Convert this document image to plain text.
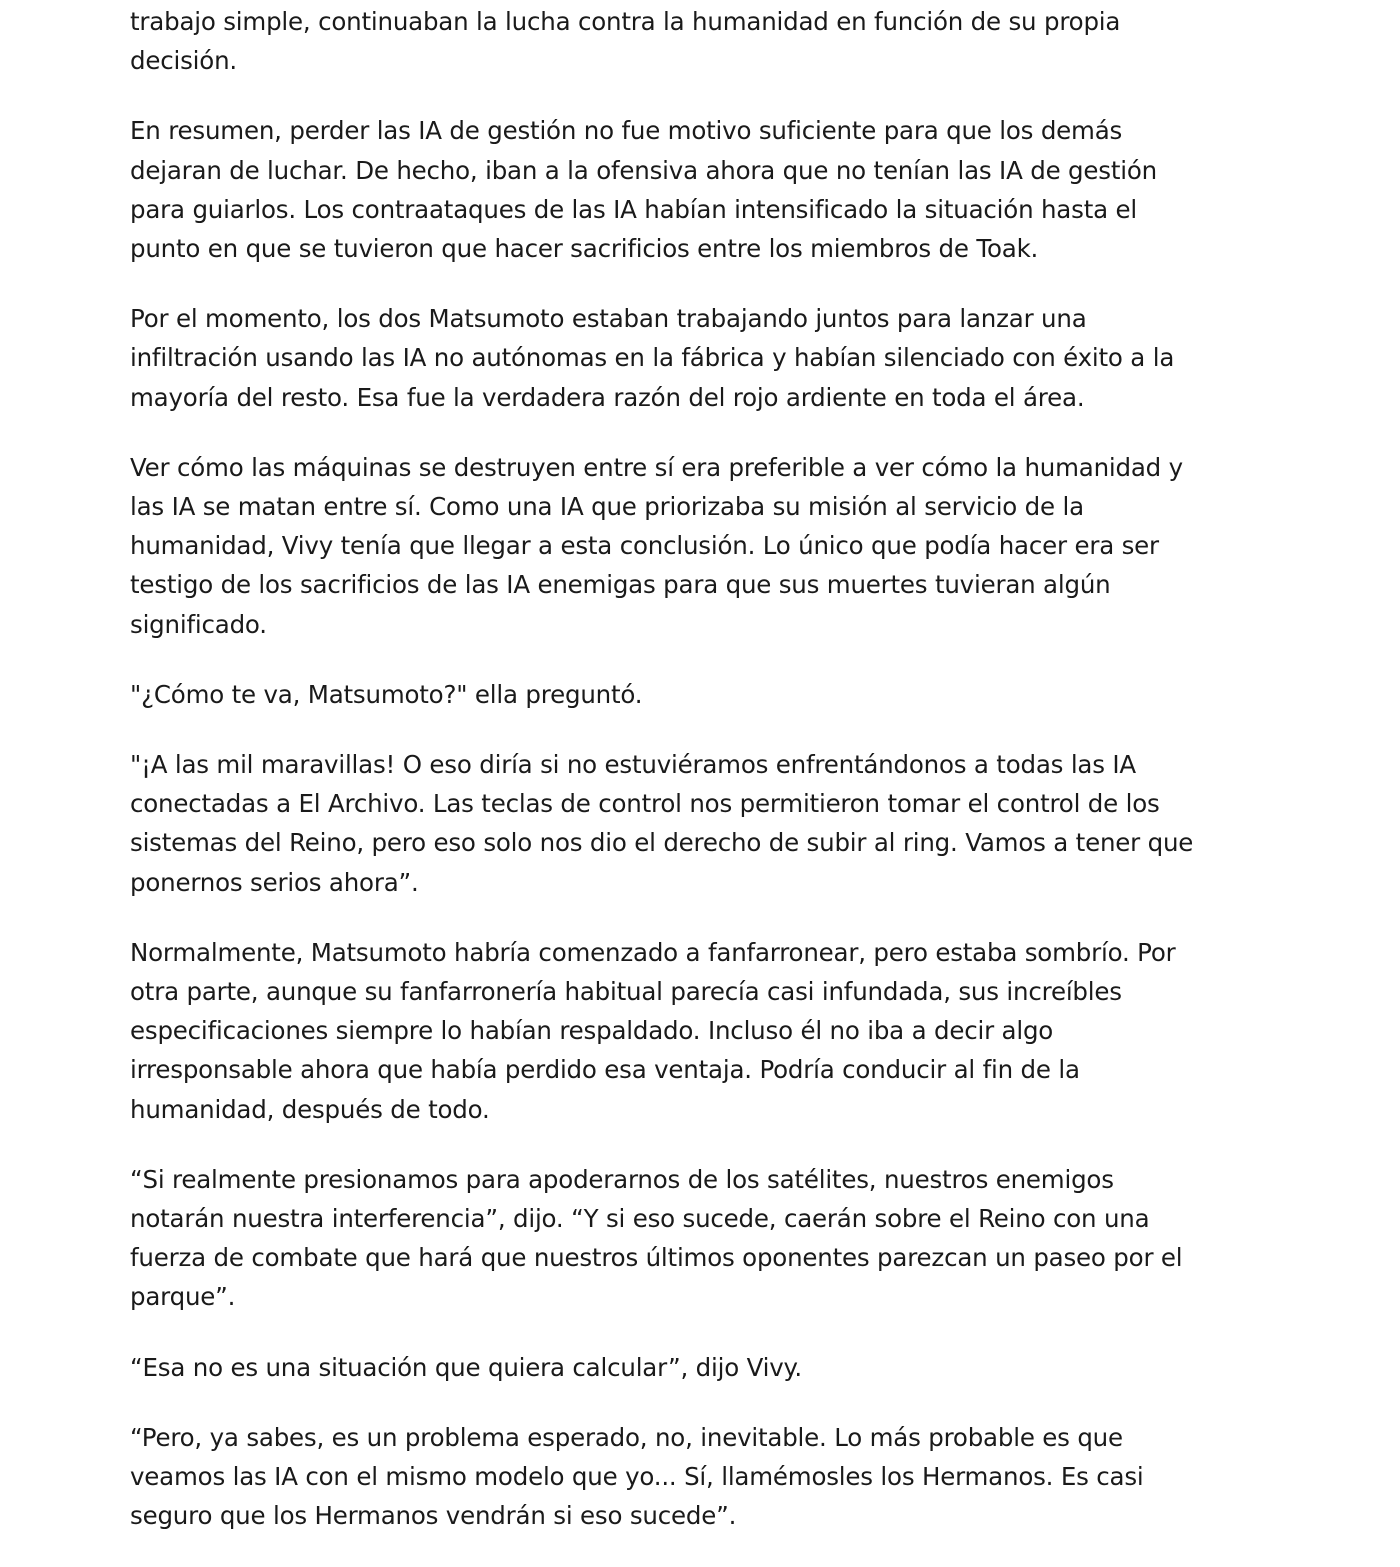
trabajo simple, continuaban la lucha contra la humanidad en función de su propia
decisión.

En resumen, perder las IA de gestión no fue motivo suficiente para que los demás
dejaran de luchar. De hecho, iban a la ofensiva ahora que no tenían las IA de gestión
para guiarlos. Los contraataques de las IA habían intensificado la situación hasta el
punto en que se tuvieron que hacer sacrificios entre los miembros de Toak.

Por el momento, los dos Matsumoto estaban trabajando juntos para lanzar una
infiltración usando las IA no autónomas en la fábrica y habían silenciado con éxito a la
mayoría del resto. Esa fue la verdadera razón del rojo ardiente en toda el área.

Ver cómo las máquinas se destruyen entre sí era preferible a ver cómo la humanidad y
las IA se matan entre sí. Como una IA que priorizaba su misión al servicio de la
humanidad, Vivy tenía que llegar a esta conclusión. Lo único que podía hacer era ser
testigo de los sacrificios de las IA enemigas para que sus muertes tuvieran algún
significado.

"¿Cómo te va, Matsumoto?" ella preguntó.

"¡A las mil maravillas! O eso diría si no estuviéramos enfrentándonos a todas las IA
conectadas a El Archivo. Las teclas de control nos permitieron tomar el control de los
sistemas del Reino, pero eso solo nos dio el derecho de subir al ring. Vamos a tener que
ponernos serios ahora”.

Normalmente, Matsumoto habría comenzado a fanfarronear, pero estaba sombrío. Por
otra parte, aunque su fanfarronería habitual parecía casi infundada, sus increíbles
especificaciones siempre lo habían respaldado. Incluso él no iba a decir algo
irresponsable ahora que había perdido esa ventaja. Podría conducir al fin de la
humanidad, después de todo.

“Si realmente presionamos para apoderarnos de los satélites, nuestros enemigos
notarán nuestra interferencia”, dijo. “Y si eso sucede, caerán sobre el Reino con una
fuerza de combate que hará que nuestros últimos oponentes parezcan un paseo por el
parque”.

“Esa no es una situación que quiera calcular”, dijo Vivy.

“Pero, ya sabes, es un problema esperado, no, inevitable. Lo más probable es que
veamos las IA con el mismo modelo que yo... Sí, llamémosles los Hermanos. Es casi
seguro que los Hermanos vendrán si eso sucede”.
